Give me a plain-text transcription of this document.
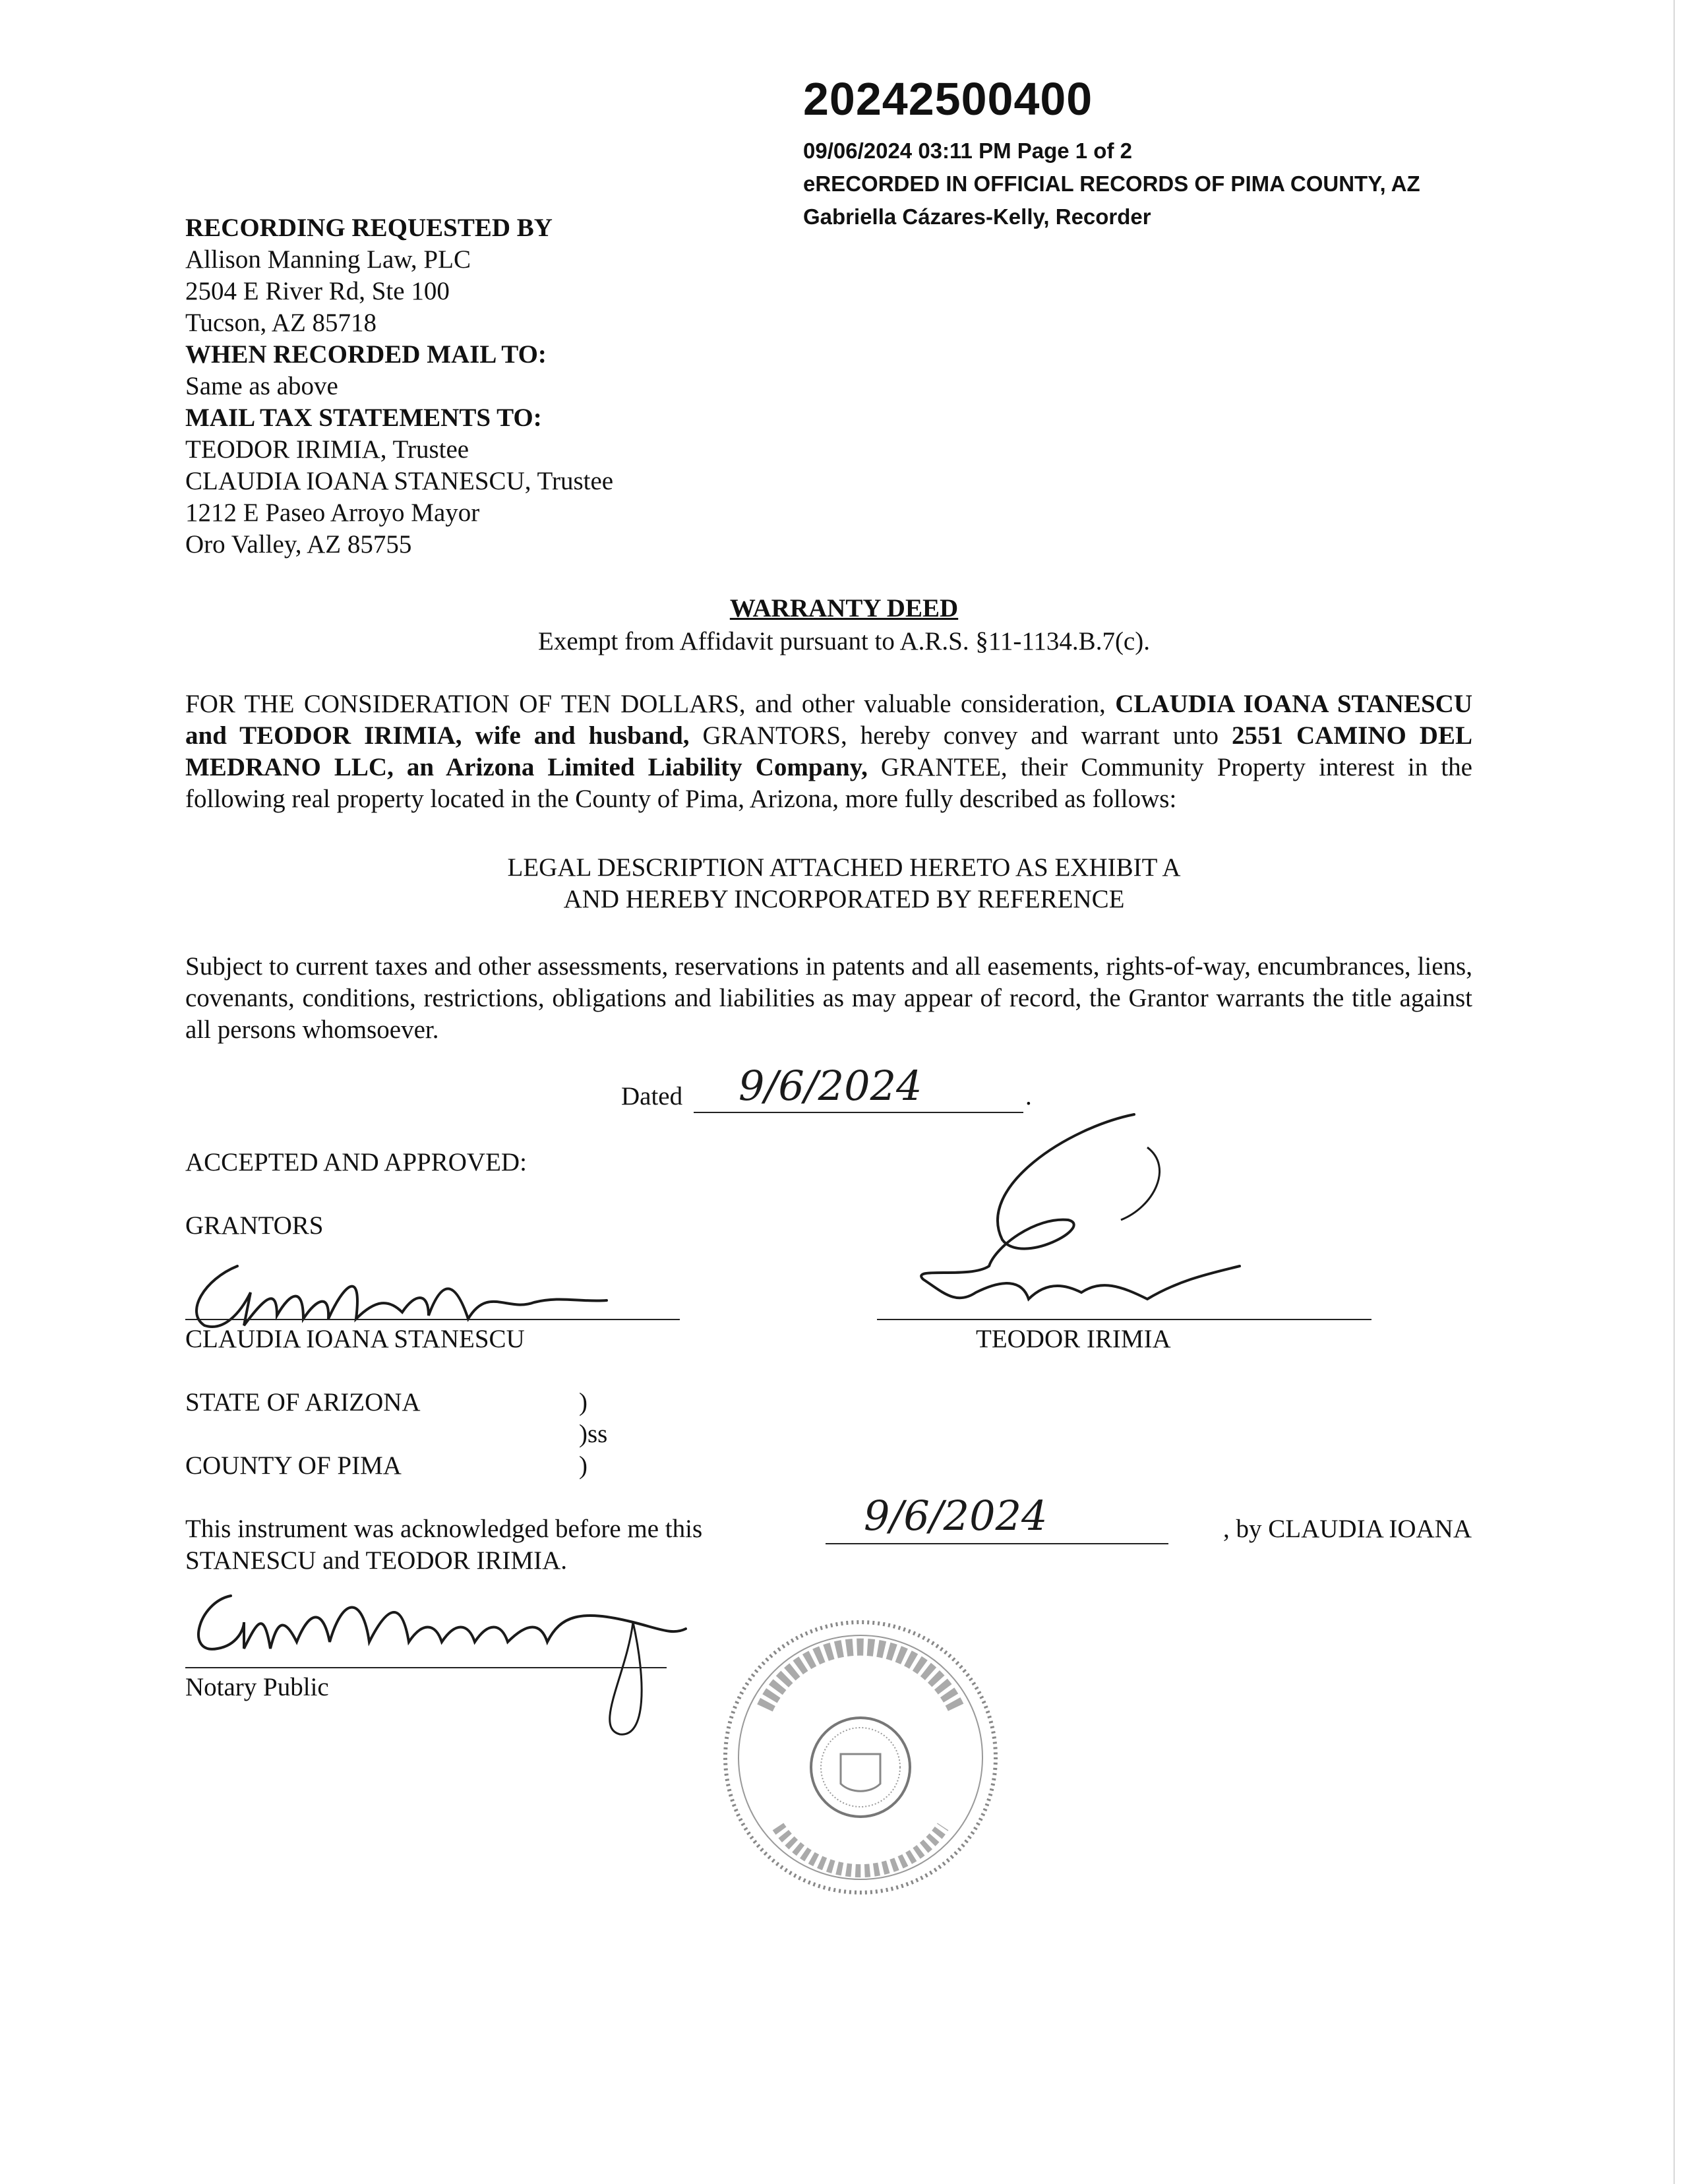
20242500400
09/06/2024 03:11 PM Page 1 of 2
eRECORDED IN OFFICIAL RECORDS OF PIMA COUNTY, AZ
Gabriella Cázares-Kelly, Recorder
RECORDING REQUESTED BY
Allison Manning Law, PLC
2504 E River Rd, Ste 100
Tucson, AZ 85718
WHEN RECORDED MAIL TO:
Same as above
MAIL TAX STATEMENTS TO:
TEODOR IRIMIA, Trustee
CLAUDIA IOANA STANESCU, Trustee
1212 E Paseo Arroyo Mayor
Oro Valley, AZ 85755
WARRANTY DEED
Exempt from Affidavit pursuant to A.R.S. §11-1134.B.7(c).
FOR THE CONSIDERATION OF TEN DOLLARS, and other valuable consideration, CLAUDIA IOANA STANESCU and TEODOR IRIMIA, wife and husband, GRANTORS, hereby convey and warrant unto 2551 CAMINO DEL MEDRANO LLC, an Arizona Limited Liability Company, GRANTEE, their Community Property interest in the following real property located in the County of Pima, Arizona, more fully described as follows:
LEGAL DESCRIPTION ATTACHED HERETO AS EXHIBIT A
AND HEREBY INCORPORATED BY REFERENCE
Subject to current taxes and other assessments, reservations in patents and all easements, rights-of-way, encumbrances, liens, covenants, conditions, restrictions, obligations and liabilities as may appear of record, the Grantor warrants the title against all persons whomsoever.
Dated 9/6/2024	.
ACCEPTED AND APPROVED:
GRANTORS
CLAUDIA IOANA STANESCU	TEODOR IRIMIA
STATE OF ARIZONA	)
)ss
COUNTY OF PIMA	)
This instrument was acknowledged before me this	9/6/2024	, by CLAUDIA IOANA
STANESCU and TEODOR IRIMIA.
Notary Public
